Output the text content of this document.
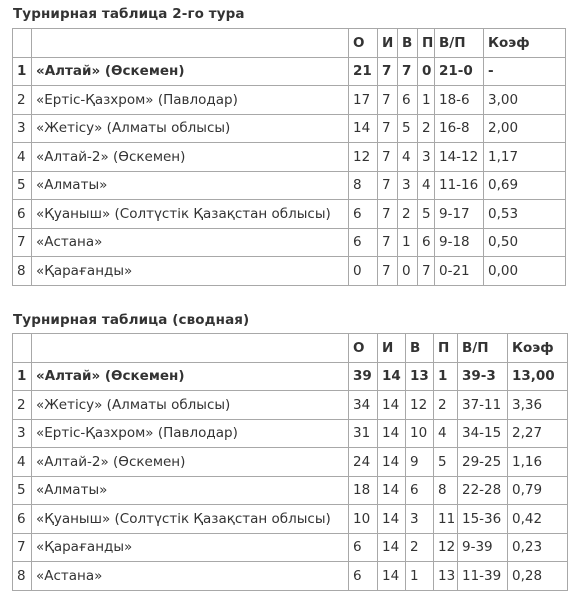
Турнирная таблица 2-го тура
		О	И	В	П	В/П	Коэф
1	«Алтай» (Өскемен)	21	7	7	0	21-0	-
2	«Ертіс-Қазхром» (Павлодар)	17	7	6	1	18-6	3,00
3	«Жетісу» (Алматы облысы)	14	7	5	2	16-8	2,00
4	«Алтай-2» (Өскемен)	12	7	4	3	14-12	1,17
5	«Алматы»	8	7	3	4	11-16	0,69
6	«Қуаныш» (Солтүстік Қазақстан облысы)	6	7	2	5	9-17	0,53
7	«Астана»	6	7	1	6	9-18	0,50
8	«Қарағанды»	0	7	0	7	0-21	0,00
Турнирная таблица (сводная)
		О	И	В	П	В/П	Коэф
1	«Алтай» (Өскемен)	39	14	13	1	39-3	13,00
2	«Жетісу» (Алматы облысы)	34	14	12	2	37-11	3,36
3	«Ертіс-Қазхром» (Павлодар)	31	14	10	4	34-15	2,27
4	«Алтай-2» (Өскемен)	24	14	9	5	29-25	1,16
5	«Алматы»	18	14	6	8	22-28	0,79
6	«Қуаныш» (Солтүстік Қазақстан облысы)	10	14	3	11	15-36	0,42
7	«Қарағанды»	6	14	2	12	9-39	0,23
8	«Астана»	6	14	1	13	11-39	0,28
